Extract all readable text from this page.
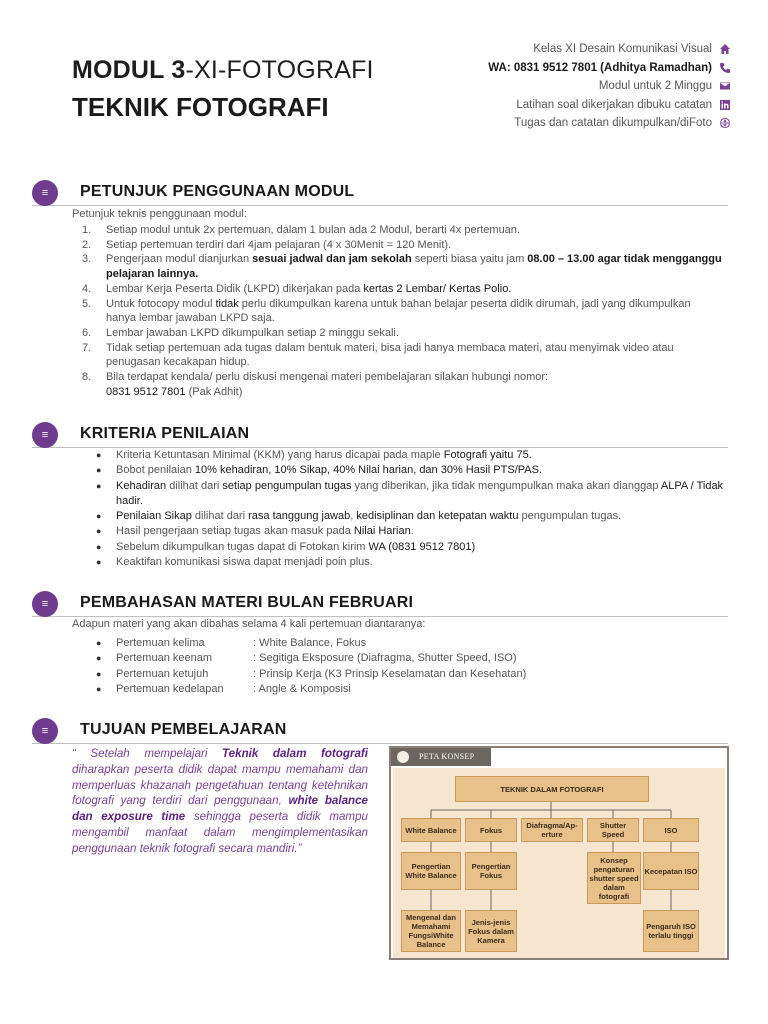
MODUL 3-XI-FOTOGRAFI
TEKNIK FOTOGRAFI
Kelas XI Desain Komunikasi Visual
WA: 0831 9512 7801 (Adhitya Ramadhan)
Modul untuk 2 Minggu
Latihan soal dikerjakan dibuku catatan
Tugas dan catatan dikumpulkan/diFoto
≡	PETUNJUK PENGGUNAAN MODUL
Petunjuk teknis penggunaan modul:
1.	Setiap modul untuk 2x pertemuan, dalam 1 bulan ada 2 Modul, berarti 4x pertemuan.
2.	Setiap pertemuan terdiri dari 4jam pelajaran (4 x 30Menit = 120 Menit).
3.	Pengerjaan modul dianjurkan sesuai jadwal dan jam sekolah seperti biasa yaitu jam 08.00 – 13.00 agar tidak mengganggu pelajaran lainnya.
4.	Lembar Kerja Peserta Didik (LKPD) dikerjakan pada kertas 2 Lembar/ Kertas Polio.
5.	Untuk fotocopy modul tidak perlu dikumpulkan karena untuk bahan belajar peserta didik dirumah, jadi yang dikumpulkan hanya lembar jawaban LKPD saja.
6.	Lembar jawaban LKPD dikumpulkan setiap 2 minggu sekali.
7.	Tidak setiap pertemuan ada tugas dalam bentuk materi, bisa jadi hanya membaca materi, atau menyimak video atau penugasan kecakapan hidup.
8.	Bila terdapat kendala/ perlu diskusi mengenai materi pembelajaran silakan hubungi nomor:
0831 9512 7801 (Pak Adhit)
≡	KRITERIA PENILAIAN
●	Kriteria Ketuntasan Minimal (KKM) yang harus dicapai pada maple Fotografi yaitu 75.
●	Bobot penilaian 10% kehadiran, 10% Sikap, 40% Nilai harian, dan 30% Hasil PTS/PAS.
●	Kehadiran dilihat dari setiap pengumpulan tugas yang diberikan, jika tidak mengumpulkan maka akan dianggap ALPA / Tidak hadir.
●	Penilaian Sikap dilihat dari rasa tanggung jawab, kedisiplinan dan ketepatan waktu pengumpulan tugas.
●	Hasil pengerjaan setiap tugas akan masuk pada Nilai Harian.
●	Sebelum dikumpulkan tugas dapat di Fotokan kirim WA (0831 9512 7801)
●	Keaktifan komunikasi siswa dapat menjadi poin plus.
≡	PEMBAHASAN MATERI BULAN FEBRUARI
Adapun materi yang akan dibahas selama 4 kali pertemuan diantaranya:
●	Pertemuan kelima	: White Balance, Fokus
●	Pertemuan keenam	: Segitiga Eksposure (Diafragma, Shutter Speed, ISO)
●	Pertemuan ketujuh	: Prinsip Kerja (K3 Prinsip Keselamatan dan Kesehatan)
●	Pertemuan kedelapan	: Angle & Komposisi
≡	TUJUAN PEMBELAJARAN
“ Setelah mempelajari Teknik dalam fotografi diharapkan peserta didik dapat mampu memahami dan memperluas khazanah pengetahuan tentang ketehnikan fotografi yang terdiri dari penggunaan, white balance dan exposure time sehingga peserta didik mampu mengambil manfaat dalam mengimplementasikan penggunaan teknik fotografi secara mandiri.”
PETA KONSEP
TEKNIK DALAM FOTOGRAFI
White Balance	Fokus	Diafragma/Ap-erture
Shutter Speed	ISO
Pengertian White Balance
Pengertian Fokus
Konsep pengaturan shutter speed dalam fotografi
Kecepatan ISO
Mengenal dan Memahami FungsiWhite Balance
Jenis-jenis Fokus dalam Kamera
Pengaruh ISO terlalu tinggi
